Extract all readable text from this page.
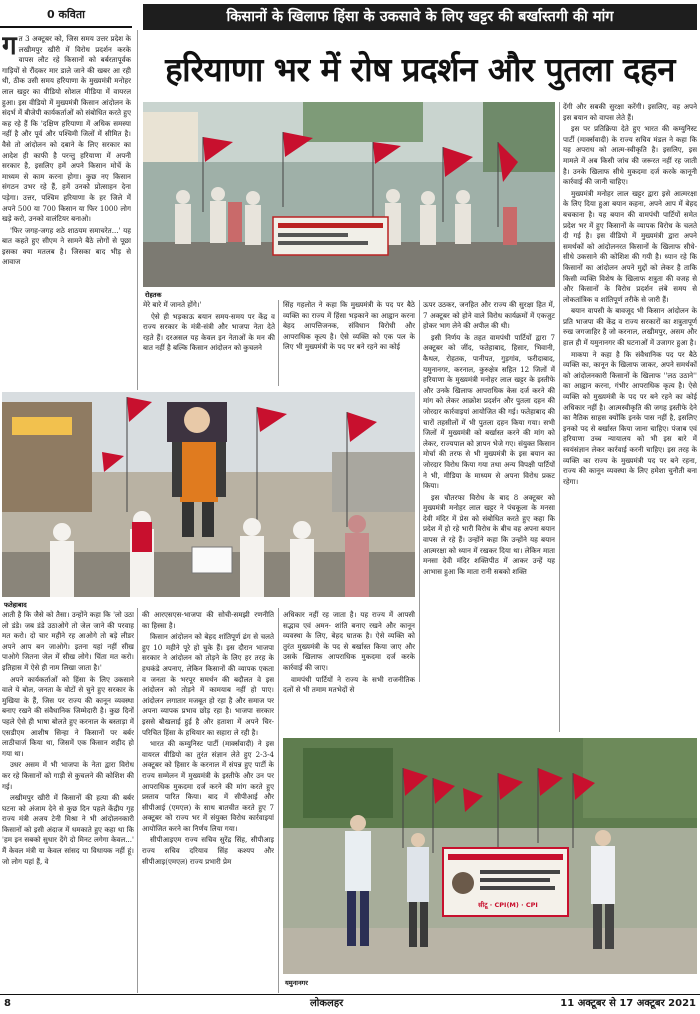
0 कविता	किसानों के खिलाफ हिंसा के उकसावे के लिए खट्टर की बर्खास्तगी की मांग
हरियाणा भर में रोष प्रदर्शन और पुतला दहन

ग त 3 अक्टूबर को, जिस समय उत्तर प्रदेश के लखीमपुर खीरी में विरोध प्रदर्शन करके वापस लौट रहे किसानों को बर्बरतापूर्वक गाड़ियों से रौंदकर मार डाले जाने की खबर आ रही थी, ठीक उसी समय हरियाणा के मुख्यमंत्री मनोहर लाल खट्टर का वीडियो सोशल मीडिया में वायरल हुआ। इस वीडियो में मुख्यमंत्री किसान आंदोलन के संदर्भ में बीजेपी कार्यकर्ताओं को संबोधित करते हुए कह रहे हैं कि 'दक्षिण हरियाणा में अधिक समस्या नहीं है और पूर्व और पश्चिमी जिलों में सीमित है। वैसे तो आंदोलन को दबाने के लिए सरकार का आदेश ही काफी है परन्तु हरियाणा में अपनी सरकार है, इसलिए हमें अपने किसान मोर्चे के माध्यम से काम करना होगा। कुछ नए किसान संगठन उभर रहे हैं, हमें उनको प्रोत्साहन देना पड़ेगा। उत्तर, पश्चिम हरियाणा के हर जिले में अपने 500 या 700 किसान या फिर 1000 लोग खड़े करो, उनको वालंटियर बनाओ।

'फिर जगह-जगह शठे शाठयम समाचरेत...' यह बात कहते हुए सीएम ने सामने बैठे लोगों से पूछा इसका क्या मतलब है। जिसका बाद भीड़ से आवाज

रोहतक

मेरे बारे में जानते होंगे।'

ऐसे ही भड़काऊ बयान समय-समय पर केंद्र व राज्य सरकार के मंत्री-संत्री और भाजपा नेता देते रहते हैं। दरअसल यह केवल इन नेताओं के मन की बात नहीं है बल्कि किसान आंदोलन को कुचलने

सिंह गहलोत ने कहा कि मुख्यमंत्री के पद पर बैठे व्यक्ति का राज्य में हिंसा भड़काने का आह्वान करना बेहद आपत्तिजनक, संविधान विरोधी और आपराधिक कृत्य है। ऐसे व्यक्ति को एक पल के लिए भी मुख्यमंत्री के पद पर बने रहने का कोई

ऊपर उठकर, जनहित और राज्य की सुरक्षा हित में, 7 अक्टूबर को होने वाले विरोध कार्यक्रमों में एकजुट होकर भाग लेने की अपील की थी।

इसी निर्णय के तहत वामपंथी पार्टियों द्वारा 7 अक्टूबर को जींद, फतेहाबाद, हिसार, भिवानी, कैथल, रोहतक, पानीपत, गुड़गांव, फरीदाबाद, यमुनानगर, करनाल, कुरुक्षेत्र सहित 12 जिलों में हरियाणा के मुख्यमंत्री मनोहर लाल खट्टर के इस्तीफे और उनके खिलाफ आपराधिक केस दर्ज करने की मांग को लेकर आक्रोश प्रदर्शन और पुतला दहन की जोरदार कार्रवाइयां आयोजित की गई। फतेहाबाद की चारों तहसीलों में भी पुतला दहन किया गया। सभी जिलों में मुख्यमंत्री को बर्खास्त करने की मांग को लेकर, राज्यपाल को ज्ञापन भेजे गए। संयुक्त किसान मोर्चा की तरफ से भी मुख्यमंत्री के इस बयान का जोरदार विरोध किया गया तथा अन्य विपक्षी पार्टियों ने भी, मीडिया के माध्यम से अपना विरोध प्रकट किया।

इस चौतरफा विरोध के बाद 8 अक्टूबर को मुख्यमंत्री मनोहर लाल खट्टर ने पंचकूला के मनसा देवी मंदिर में प्रेस को संबोधित करते हुए कहा कि प्रदेश में हो रहे भारी विरोध के बीच वह अपना बयान वापस ले रहे हैं। उन्होंने कहा कि उन्होंने यह बयान आत्मरक्षा को ध्यान में रखकर दिया था। लेकिन माता मनसा देवी मंदिर शक्तिपीठ में आकर उन्हें यह आभास हुआ कि माता रानी सबको शक्ति

देंगी और सबकी सुरक्षा करेंगी। इसलिए, वह अपने इस बयान को वापस लेते हैं।

इस पर प्रतिक्रिया देते हुए भारत की कम्युनिस्ट पार्टी (मार्क्सवादी) के राज्य सचिव मंडल ने कहा कि यह अपराध को आत्म-स्वीकृति है। इसलिए, इस मामले में अब किसी जांच की जरूरत नहीं रह जाती है। उनके खिलाफ सीधे मुकदमा दर्ज करके कानूनी कार्रवाई की जानी चाहिए।

मुख्यमंत्री मनोहर लाल खट्टर द्वारा इसे आत्मरक्षा के लिए दिया हुआ बयान कहना, अपने आप में बेहद बचकाना है। यह बयान की वामपंथी पार्टियों समेत प्रदेश भर में हुए किसानों के व्यापक विरोध के चलते दी गई है। इस वीडियो में मुख्यमंत्री द्वारा अपने समर्थकों को आंदोलनरत किसानों के खिलाफ सीधे-सीधे उकसाने की कोशिश की गयी है। ध्यान रहे कि किसानों का आंदोलन अपने मुद्दों को लेकर है ताकि किसी व्यक्ति विशेष के खिलाफ शत्रुता की वजह से और किसानों के विरोध प्रदर्शन लंबे समय से लोकतांत्रिक व शांतिपूर्ण तरीके से जारी हैं।

बयान वापसी के बावजूद भी किसान आंदोलन के प्रति भाजपा की केंद्र व राज्य सरकारों का शत्रुतापूर्ण रुख जगजाहिर है जो करनाल, लखीमपुर, असम और हाल ही में यमुनानगर की घटनाओं में उजागर हुआ है।

माकपा ने कहा है कि संवैधानिक पद पर बैठे व्यक्ति का, कानून के खिलाफ जाकर, अपने समर्थकों को आंदोलनकारी किसानों के खिलाफ ''लठ उठाने'' का आह्वान करना, गंभीर आपराधिक कृत्य है। ऐसे व्यक्ति को मुख्यमंत्री के पद पर बने रहने का कोई अधिकार नहीं है। आत्मस्वीकृति की जगह इस्तीफे देने का नैतिक साहस क्योंकि इनके पास नहीं है, इसलिए इनको पद से बर्खास्त किया जाना चाहिए। पंजाब एवं हरियाणा उच्च न्यायालय को भी इस बारे में स्वयंसंज्ञान लेकर कार्रवाई करनी चाहिए। इस तरह के व्यक्ति का राज्य के मुख्यमंत्री पद पर बने रहना, राज्य की कानून व्यवस्था के लिए हमेशा चुनौती बना रहेगा।

फतेहाबाद

आती है कि जैसे को तैसा। उन्होंने कहा कि 'लो उठा लो डंडे। जब डंडे उठाओगे तो जेल जाने की परवाह मत करो। दो चार महीने रह आओगे तो बड़े लीडर अपने आप बन जाओगे। इतना यहां नहीं सीख पाओगे जितना जेल में सीख लोगे। चिंता मत करो। इतिहास में ऐसे ही नाम लिखा जाता है।'

अपने कार्यकर्ताओं को हिंसा के लिए उकसाने वाले ये बोल, जनता के वोटों से चुने हुए सरकार के मुखिया के हैं, जिस पर राज्य की कानून व्यवस्था बनाए रखने की संवैधानिक जिम्मेदारी है। कुछ दिनों पहले ऐसे ही भाषा बोलते हुए करनाल के बस्ताड़ा में एसडीएम आशीष सिन्हा ने किसानों पर बर्बर लाठीचार्ज किया था, जिसमें एक किसान शहीद हो गया था।

उधर असम में भी भाजपा के नेता द्वारा विरोध कर रहे किसानों को गाड़ी से कुचलने की कोशिश की गई।

लखीमपुर खीरी में किसानों की हत्या की बर्बर घटना को अंजाम देने से कुछ दिन पहले केंद्रीय गृह राज्य मंत्री अजय टेनी मिश्रा ने भी आंदोलनकारी किसानों को इसी अंदाज में धमकाते हुए कहा था कि 'हम इन सबको सुधार देंगे दो मिनट लगेगा केवल...' मैं केवल मंत्री या केवल सांसद या विधायक नहीं हूं। जो लोग यहां हैं, वे

की आरएसएस-भाजपा की सोची-समझी रणनीति का हिस्सा है।

किसान आंदोलन को बेहद शांतिपूर्ण ढंग से चलते हुए 10 महीने पूरे हो चुके हैं। इस दौरान भाजपा सरकार ने आंदोलन को तोड़ने के लिए हर तरह के हथकंडे अपनाए, लेकिन किसानों की व्यापक एकता व जनता के भरपूर समर्थन की बदौलत वे इस आंदोलन को तोड़ने में कामयाब नहीं हो पाए। आंदोलन लगातार मजबूत हो रहा है और समाज पर अपना व्यापक प्रभाव छोड़ रहा है। भाजपा सरकार इससे बौखलाई हुई है और हताशा में अपने चिर-परिचित हिंसा के हथियार का सहारा ले रही है।

भारत की कम्युनिस्ट पार्टी (मार्क्सवादी) ने इस वायरल वीडियो का तुरंत संज्ञान लेते हुए 2-3-4 अक्टूबर को हिसार के करनाल में संपन्न हुए पार्टी के राज्य सम्मेलन में मुख्यमंत्री के इस्तीफे और उन पर आपराधिक मुकदमा दर्ज करने की मांग करते हुए प्रस्ताव पारित किया। बाद में सीपीआई और सीपीआई (एमएल) के साथ बातचीत करते हुए 7 अक्टूबर को राज्य भर में संयुक्त विरोध कार्रवाइयां आयोजित करने का निर्णय लिया गया।

सीपीआइएम राज्य सचिव सुरेंद्र सिंह, सीपीआइ राज्य सचिव दरियाव सिंह कश्यप और सीपीआइ(एमएल) राज्य प्रभारी प्रेम

अधिकार नहीं रह जाता है। यह राज्य में आपसी सद्भाव एवं अमन- शांति बनाए रखने और कानून व्यवस्था के लिए, बेहद घातक है। ऐसे व्यक्ति को तुरंत मुख्यमंत्री के पद से बर्खास्त किया जाए और उसके खिलाफ आपराधिक मुकदमा दर्ज करके कार्रवाई की जाए।

वामपंथी पार्टियों ने राज्य के सभी राजनीतिक दलों से भी तमाम मतभेदों से

सीटू · CPI(M) · CPI
यमुनानगर
8	लोकलहर	11 अक्टूबर से 17 अक्टूबर 2021
